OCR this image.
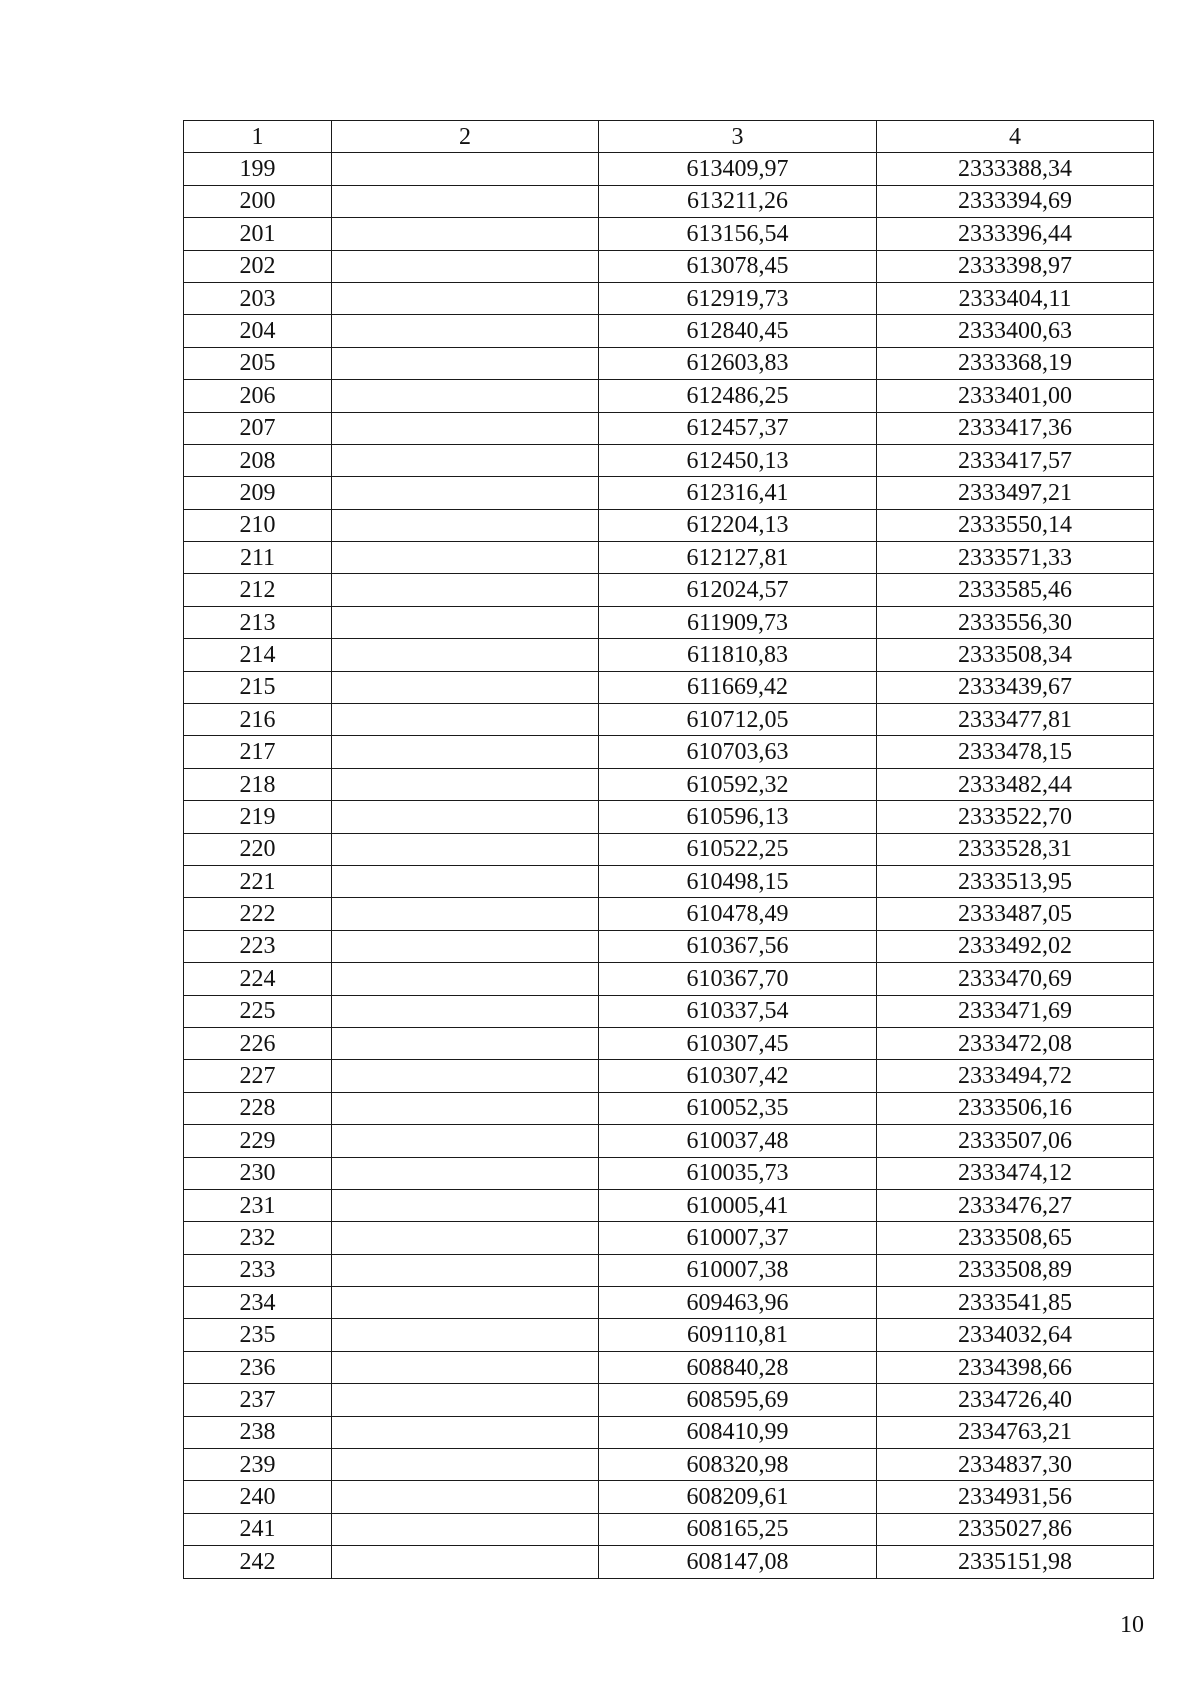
1	2	3	4
199		613409,97	2333388,34
200		613211,26	2333394,69
201		613156,54	2333396,44
202		613078,45	2333398,97
203		612919,73	2333404,11
204		612840,45	2333400,63
205		612603,83	2333368,19
206		612486,25	2333401,00
207		612457,37	2333417,36
208		612450,13	2333417,57
209		612316,41	2333497,21
210		612204,13	2333550,14
211		612127,81	2333571,33
212		612024,57	2333585,46
213		611909,73	2333556,30
214		611810,83	2333508,34
215		611669,42	2333439,67
216		610712,05	2333477,81
217		610703,63	2333478,15
218		610592,32	2333482,44
219		610596,13	2333522,70
220		610522,25	2333528,31
221		610498,15	2333513,95
222		610478,49	2333487,05
223		610367,56	2333492,02
224		610367,70	2333470,69
225		610337,54	2333471,69
226		610307,45	2333472,08
227		610307,42	2333494,72
228		610052,35	2333506,16
229		610037,48	2333507,06
230		610035,73	2333474,12
231		610005,41	2333476,27
232		610007,37	2333508,65
233		610007,38	2333508,89
234		609463,96	2333541,85
235		609110,81	2334032,64
236		608840,28	2334398,66
237		608595,69	2334726,40
238		608410,99	2334763,21
239		608320,98	2334837,30
240		608209,61	2334931,56
241		608165,25	2335027,86
242		608147,08	2335151,98
10
